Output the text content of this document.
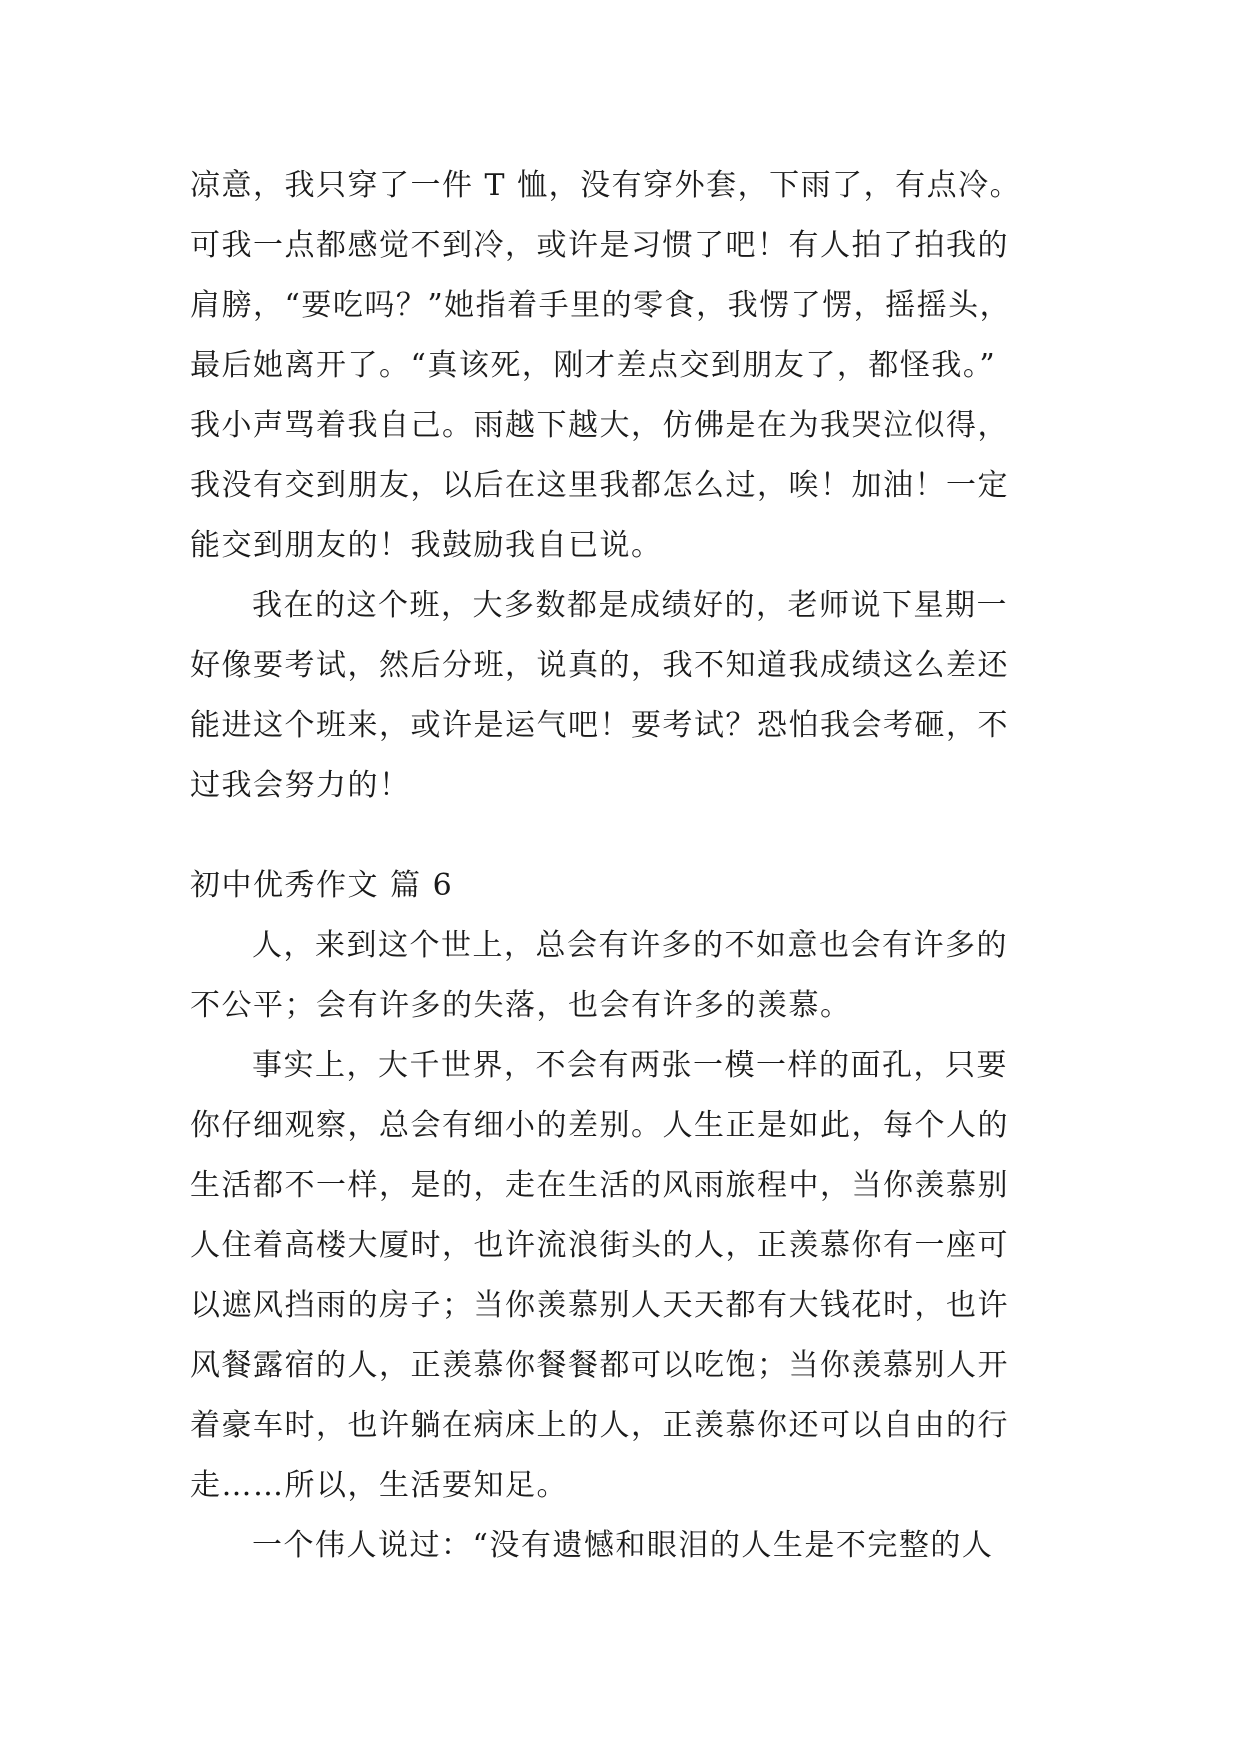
凉意，我只穿了一件 T 恤，没有穿外套，下雨了，有点冷。
可我一点都感觉不到冷，或许是习惯了吧！有人拍了拍我的
肩膀，“要吃吗？”她指着手里的零食，我愣了愣，摇摇头，
最后她离开了。“真该死，刚才差点交到朋友了，都怪我。”
我小声骂着我自己。雨越下越大，仿佛是在为我哭泣似得，
我没有交到朋友，以后在这里我都怎么过，唉！加油！一定
能交到朋友的！我鼓励我自已说。
我在的这个班，大多数都是成绩好的，老师说下星期一
好像要考试，然后分班，说真的，我不知道我成绩这么差还
能进这个班来，或许是运气吧！要考试？恐怕我会考砸，不
过我会努力的！
初中优秀作文 篇 6
人，来到这个世上，总会有许多的不如意也会有许多的
不公平；会有许多的失落，也会有许多的羡慕。
事实上，大千世界，不会有两张一模一样的面孔，只要
你仔细观察，总会有细小的差别。人生正是如此，每个人的
生活都不一样，是的，走在生活的风雨旅程中，当你羡慕别
人住着高楼大厦时，也许流浪街头的人，正羡慕你有一座可
以遮风挡雨的房子；当你羡慕别人天天都有大钱花时，也许
风餐露宿的人，正羡慕你餐餐都可以吃饱；当你羡慕别人开
着豪车时，也许躺在病床上的人，正羡慕你还可以自由的行
走……所以，生活要知足。
一个伟人说过：“没有遗憾和眼泪的人生是不完整的人
